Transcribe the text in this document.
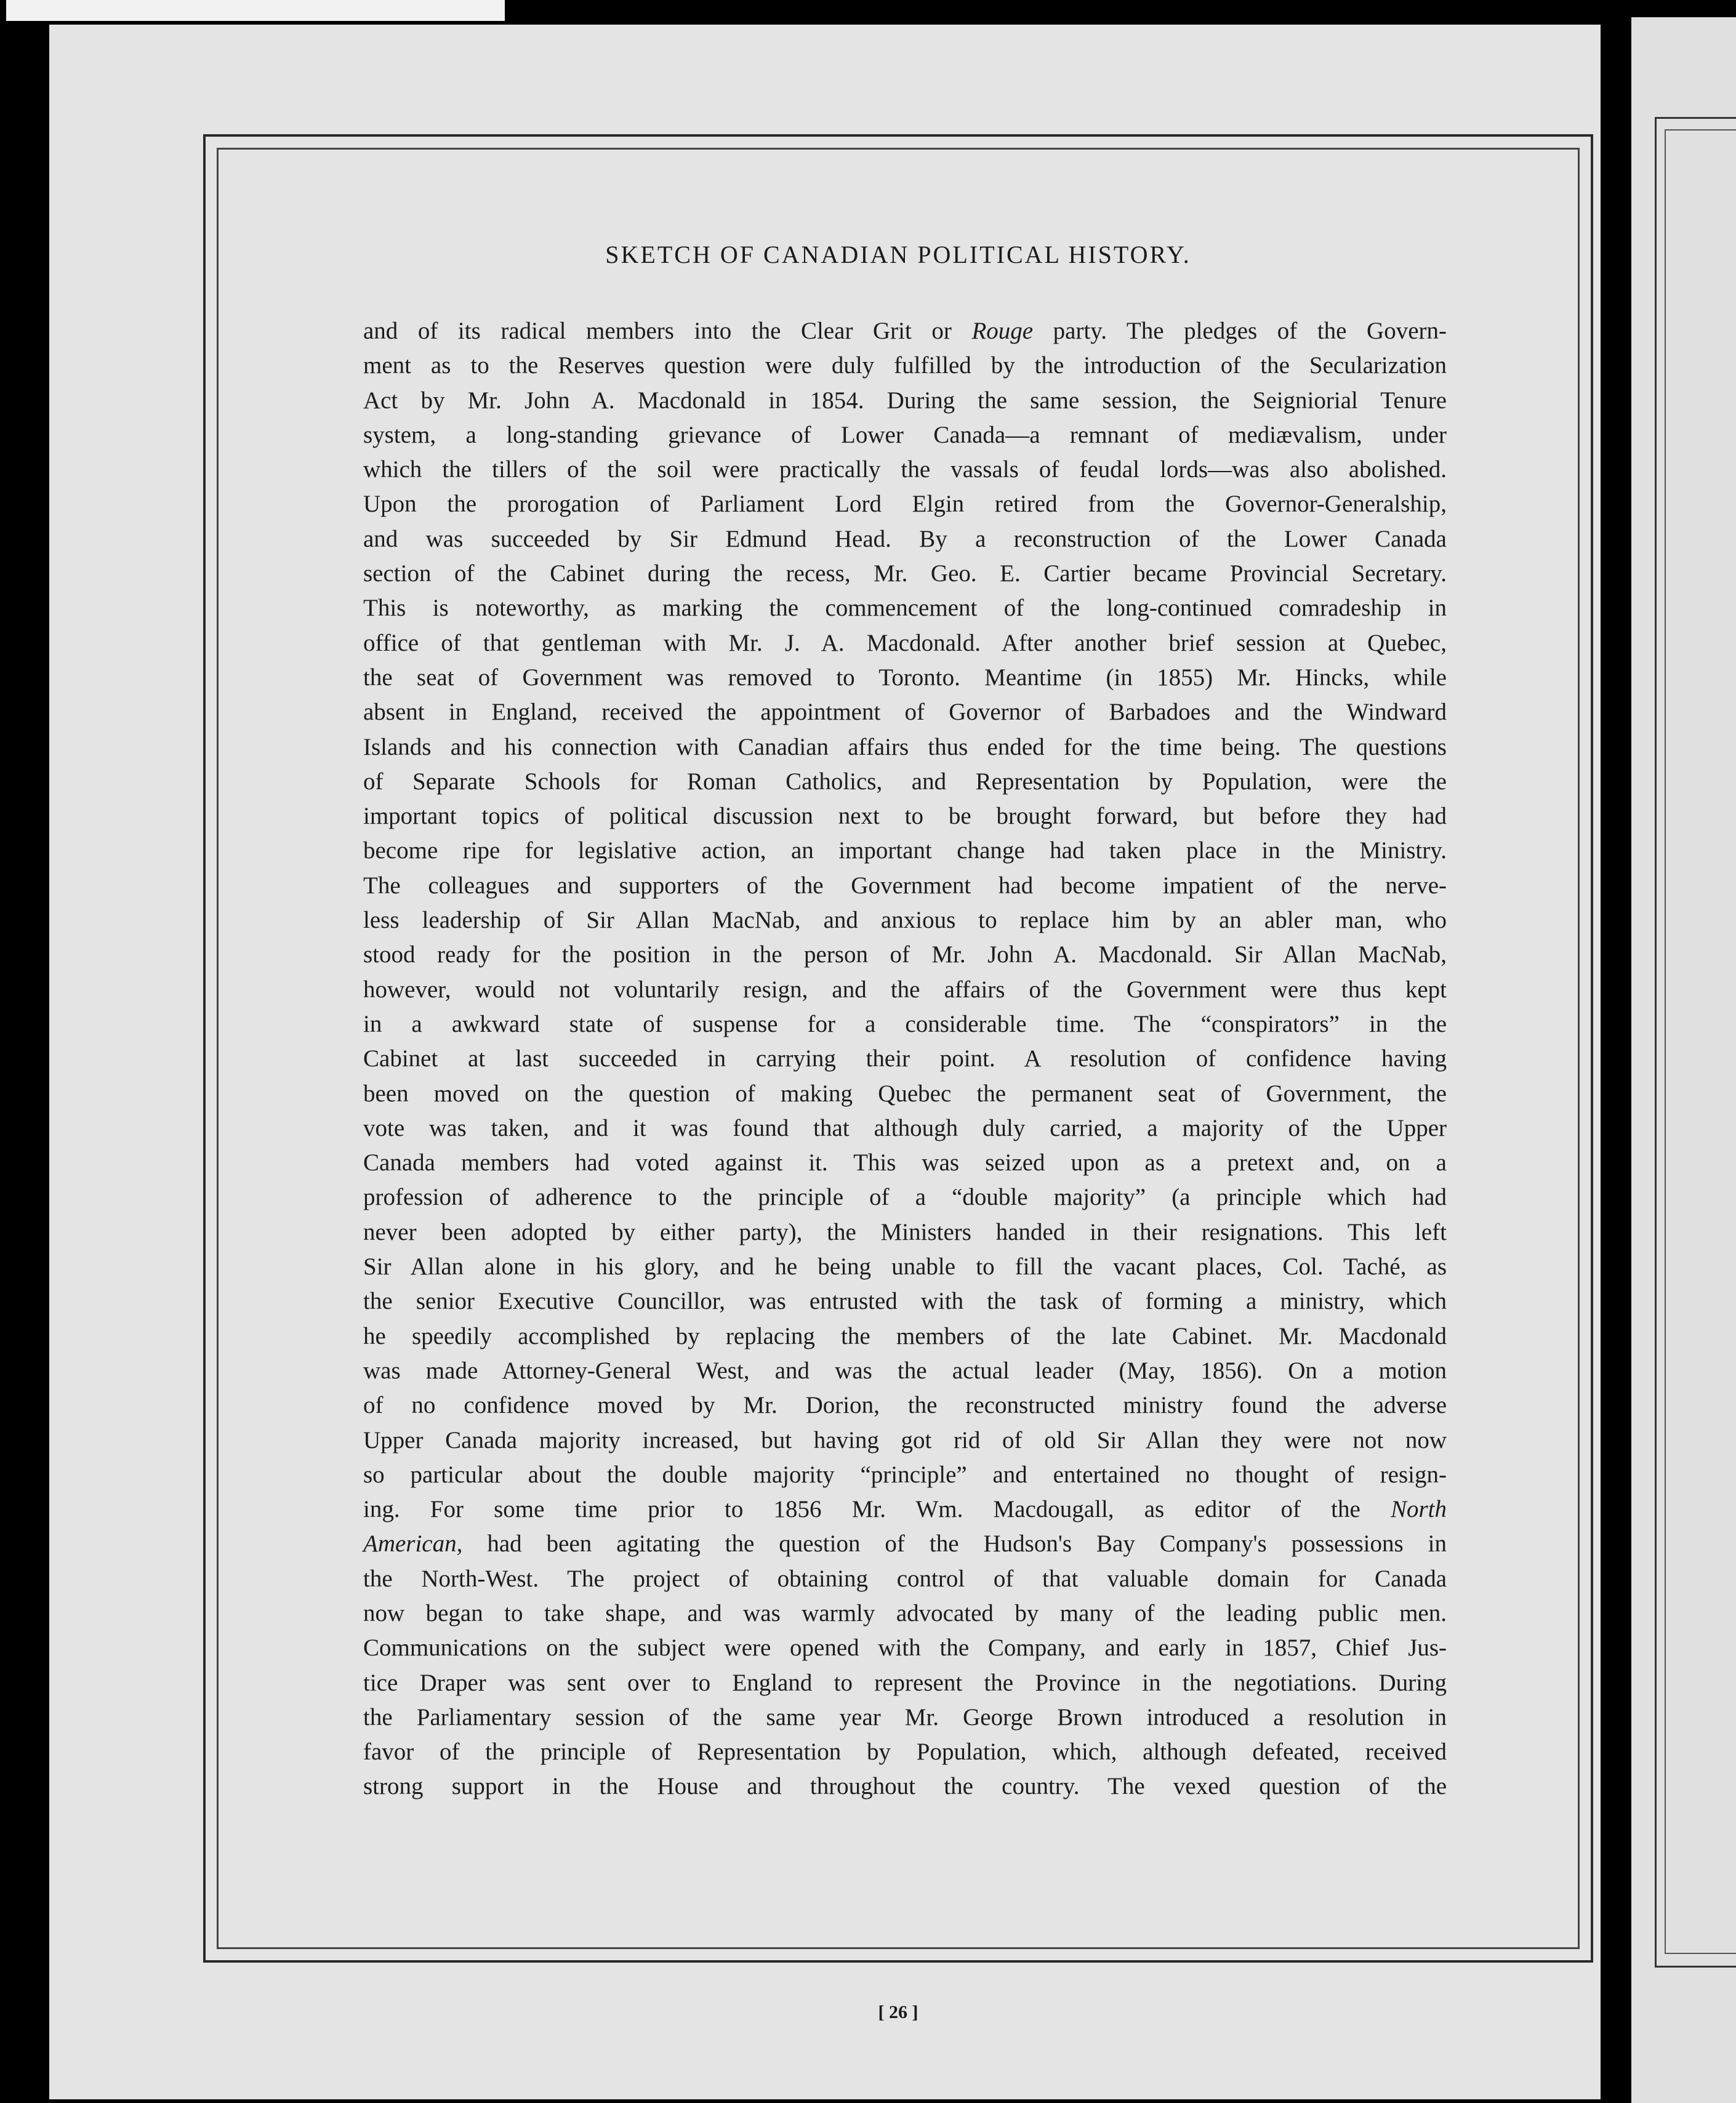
SKETCH OF CANADIAN POLITICAL HISTORY.
and of its radical members into the Clear Grit or Rouge party. The pledges of the Govern-
ment as to the Reserves question were duly fulfilled by the introduction of the Secularization
Act by Mr. John A. Macdonald in 1854. During the same session, the Seigniorial Tenure
system, a long-standing grievance of Lower Canada—a remnant of mediævalism, under
which the tillers of the soil were practically the vassals of feudal lords—was also abolished.
Upon the prorogation of Parliament Lord Elgin retired from the Governor-Generalship,
and was succeeded by Sir Edmund Head. By a reconstruction of the Lower Canada
section of the Cabinet during the recess, Mr. Geo. E. Cartier became Provincial Secretary.
This is noteworthy, as marking the commencement of the long-continued comradeship in
office of that gentleman with Mr. J. A. Macdonald. After another brief session at Quebec,
the seat of Government was removed to Toronto. Meantime (in 1855) Mr. Hincks, while
absent in England, received the appointment of Governor of Barbadoes and the Windward
Islands and his connection with Canadian affairs thus ended for the time being. The questions
of Separate Schools for Roman Catholics, and Representation by Population, were the
important topics of political discussion next to be brought forward, but before they had
become ripe for legislative action, an important change had taken place in the Ministry.
The colleagues and supporters of the Government had become impatient of the nerve-
less leadership of Sir Allan MacNab, and anxious to replace him by an abler man, who
stood ready for the position in the person of Mr. John A. Macdonald. Sir Allan MacNab,
however, would not voluntarily resign, and the affairs of the Government were thus kept
in a awkward state of suspense for a considerable time. The “conspirators” in the
Cabinet at last succeeded in carrying their point. A resolution of confidence having
been moved on the question of making Quebec the permanent seat of Government, the
vote was taken, and it was found that although duly carried, a majority of the Upper
Canada members had voted against it. This was seized upon as a pretext and, on a
profession of adherence to the principle of a “double majority” (a principle which had
never been adopted by either party), the Ministers handed in their resignations. This left
Sir Allan alone in his glory, and he being unable to fill the vacant places, Col. Taché, as
the senior Executive Councillor, was entrusted with the task of forming a ministry, which
he speedily accomplished by replacing the members of the late Cabinet. Mr. Macdonald
was made Attorney-General West, and was the actual leader (May, 1856). On a motion
of no confidence moved by Mr. Dorion, the reconstructed ministry found the adverse
Upper Canada majority increased, but having got rid of old Sir Allan they were not now
so particular about the double majority “principle” and entertained no thought of resign-
ing. For some time prior to 1856 Mr. Wm. Macdougall, as editor of the North
American, had been agitating the question of the Hudson's Bay Company's possessions in
the North-West. The project of obtaining control of that valuable domain for Canada
now began to take shape, and was warmly advocated by many of the leading public men.
Communications on the subject were opened with the Company, and early in 1857, Chief Jus-
tice Draper was sent over to England to represent the Province in the negotiations. During
the Parliamentary session of the same year Mr. George Brown introduced a resolution in
favor of the principle of Representation by Population, which, although defeated, received
strong support in the House and throughout the country. The vexed question of the
[ 26 ]
